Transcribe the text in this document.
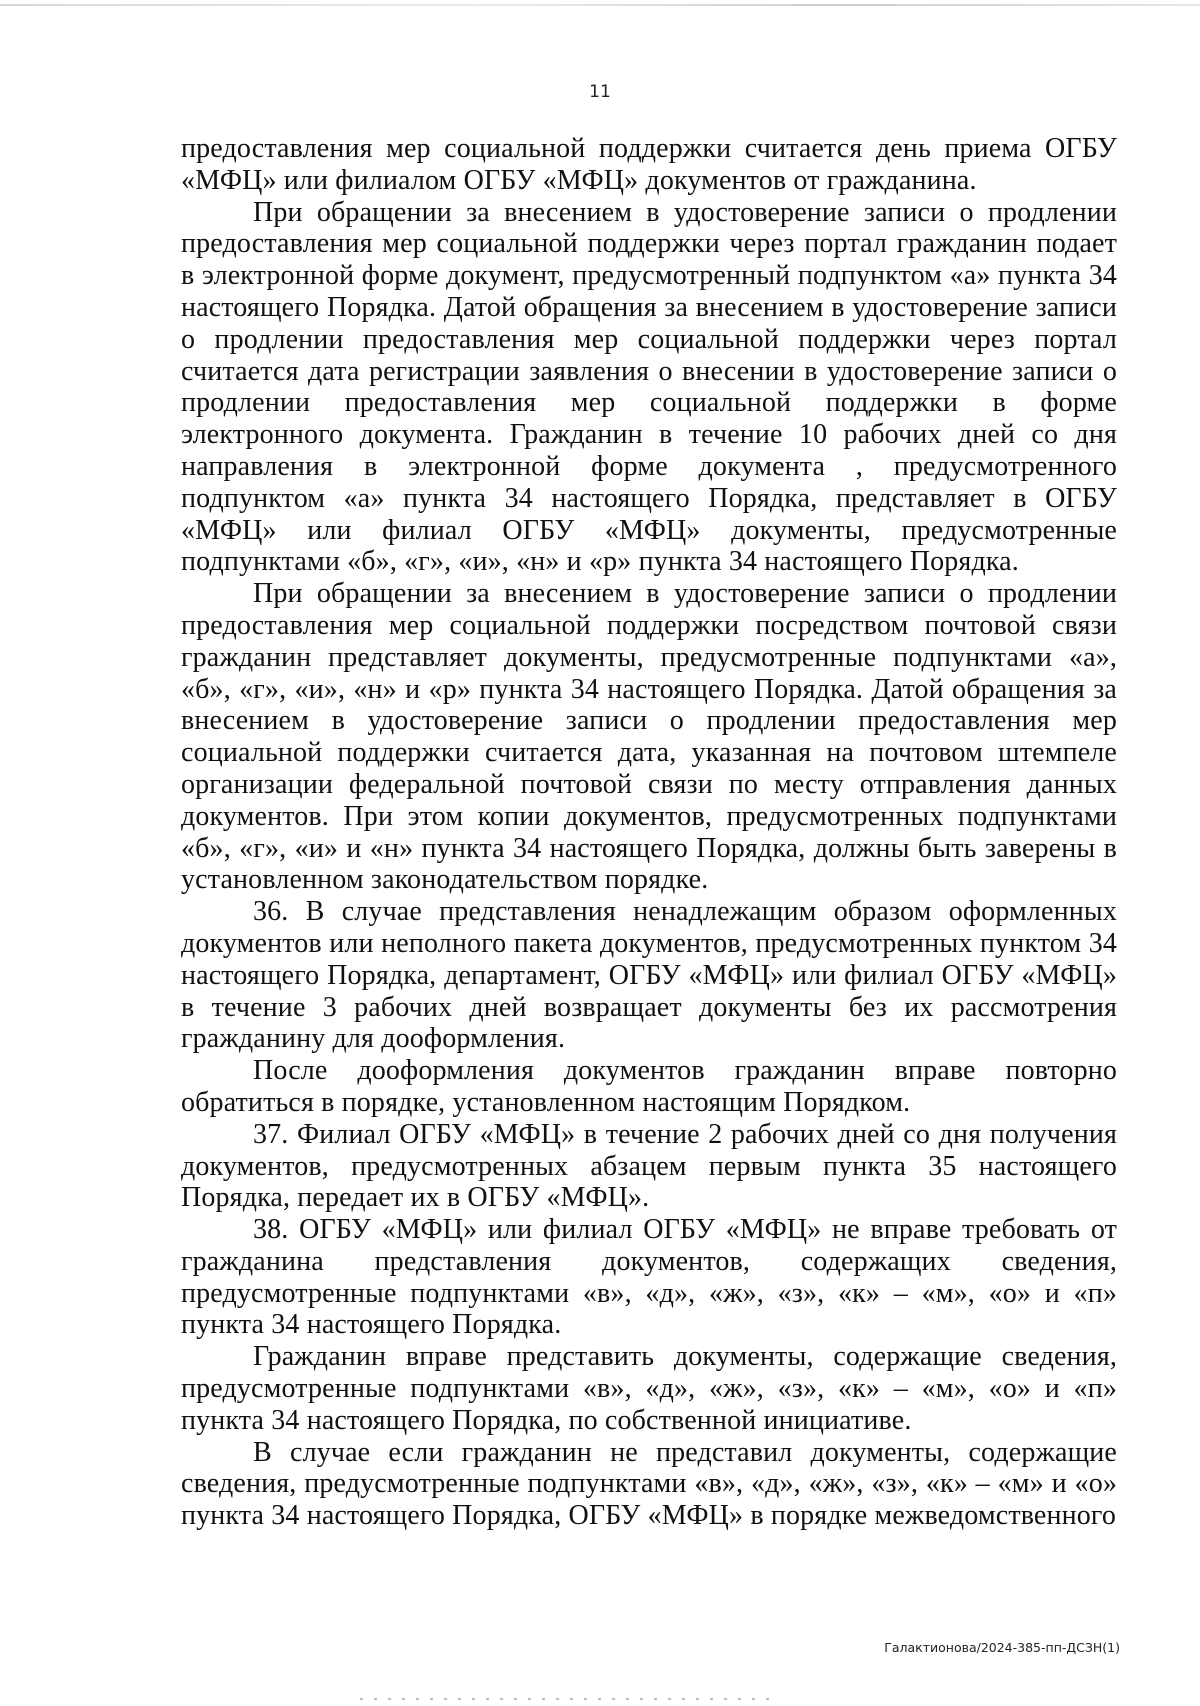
11

предоставления мер социальной поддержки считается день приема ОГБУ «МФЦ» или филиалом ОГБУ «МФЦ» документов от гражданина.

При обращении за внесением в удостоверение записи о продлении предоставления мер социальной поддержки через портал гражданин подает в электронной форме документ, предусмотренный подпунктом «а» пункта 34 настоящего Порядка. Датой обращения за внесением в удостоверение записи о продлении предоставления мер социальной поддержки через портал считается дата регистрации заявления о внесении в удостоверение записи о продлении предоставления мер социальной поддержки в форме электронного документа. Гражданин в течение 10 рабочих дней со дня направления в электронной форме документа , предусмотренного подпунктом «а» пункта 34 настоящего Порядка, представляет в ОГБУ «МФЦ» или филиал ОГБУ «МФЦ» документы, предусмотренные подпунктами «б», «г», «и», «н» и «р» пункта 34 настоящего Порядка.

При обращении за внесением в удостоверение записи о продлении предоставления мер социальной поддержки посредством почтовой связи гражданин представляет документы, предусмотренные подпунктами «а», «б», «г», «и», «н» и «р» пункта 34 настоящего Порядка. Датой обращения за внесением в удостоверение записи о продлении предоставления мер социальной поддержки считается дата, указанная на почтовом штемпеле организации федеральной почтовой связи по месту отправления данных документов. При этом копии документов, предусмотренных подпунктами «б», «г», «и» и «н» пункта 34 настоящего Порядка, должны быть заверены в установленном законодательством порядке.

36. В случае представления ненадлежащим образом оформленных документов или неполного пакета документов, предусмотренных пунктом 34 настоящего Порядка, департамент, ОГБУ «МФЦ» или филиал ОГБУ «МФЦ» в течение 3 рабочих дней возвращает документы без их рассмотрения гражданину для дооформления.

После дооформления документов гражданин вправе повторно обратиться в порядке, установленном настоящим Порядком.

37. Филиал ОГБУ «МФЦ» в течение 2 рабочих дней со дня получения документов, предусмотренных абзацем первым пункта 35 настоящего Порядка, передает их в ОГБУ «МФЦ».

38. ОГБУ «МФЦ» или филиал ОГБУ «МФЦ» не вправе требовать от гражданина представления документов, содержащих сведения, предусмотренные подпунктами «в», «д», «ж», «з», «к» – «м», «о» и «п» пункта 34 настоящего Порядка.

Гражданин вправе представить документы, содержащие сведения, предусмотренные подпунктами «в», «д», «ж», «з», «к» – «м», «о» и «п» пункта 34 настоящего Порядка, по собственной инициативе.

В случае если гражданин не представил документы, содержащие сведения, предусмотренные подпунктами «в», «д», «ж», «з», «к» – «м» и «о» пункта 34 настоящего Порядка, ОГБУ «МФЦ» в порядке межведомственного

Галактионова/2024-385-пп-ДСЗН(1)
